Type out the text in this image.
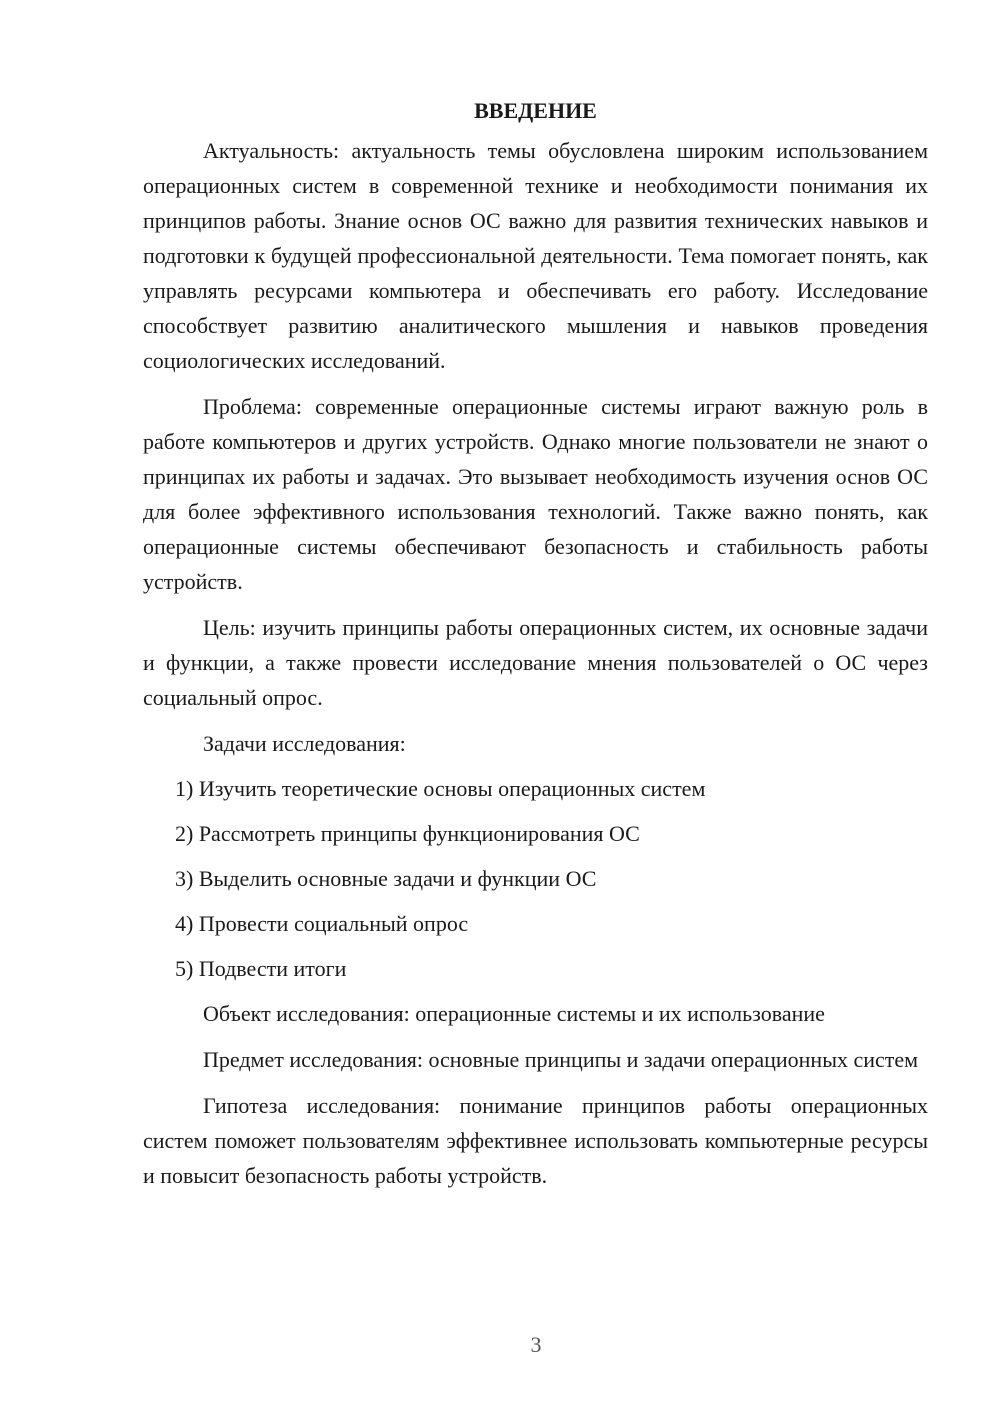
ВВЕДЕНИЕ

Актуальность: актуальность темы обусловлена широким использованием операционных систем в современной технике и необходимости понимания их принципов работы. Знание основ ОС важно для развития технических навыков и подготовки к будущей профессиональной деятельности. Тема помогает понять, как управлять ресурсами компьютера и обеспечивать его работу. Исследование способствует развитию аналитического мышления и навыков проведения социологических исследований.

Проблема: современные операционные системы играют важную роль в работе компьютеров и других устройств. Однако многие пользователи не знают о принципах их работы и задачах. Это вызывает необходимость изучения основ ОС для более эффективного использования технологий. Также важно понять, как операционные системы обеспечивают безопасность и стабильность работы устройств.

Цель: изучить принципы работы операционных систем, их основные задачи и функции, а также провести исследование мнения пользователей о ОС через социальный опрос.

Задачи исследования:

1) Изучить теоретические основы операционных систем
2) Рассмотреть принципы функционирования ОС
3) Выделить основные задачи и функции ОС
4) Провести социальный опрос
5) Подвести итоги

Объект исследования: операционные системы и их использование

Предмет исследования: основные принципы и задачи операционных систем

Гипотеза исследования: понимание принципов работы операционных систем поможет пользователям эффективнее использовать компьютерные ресурсы и повысит безопасность работы устройств.

3
